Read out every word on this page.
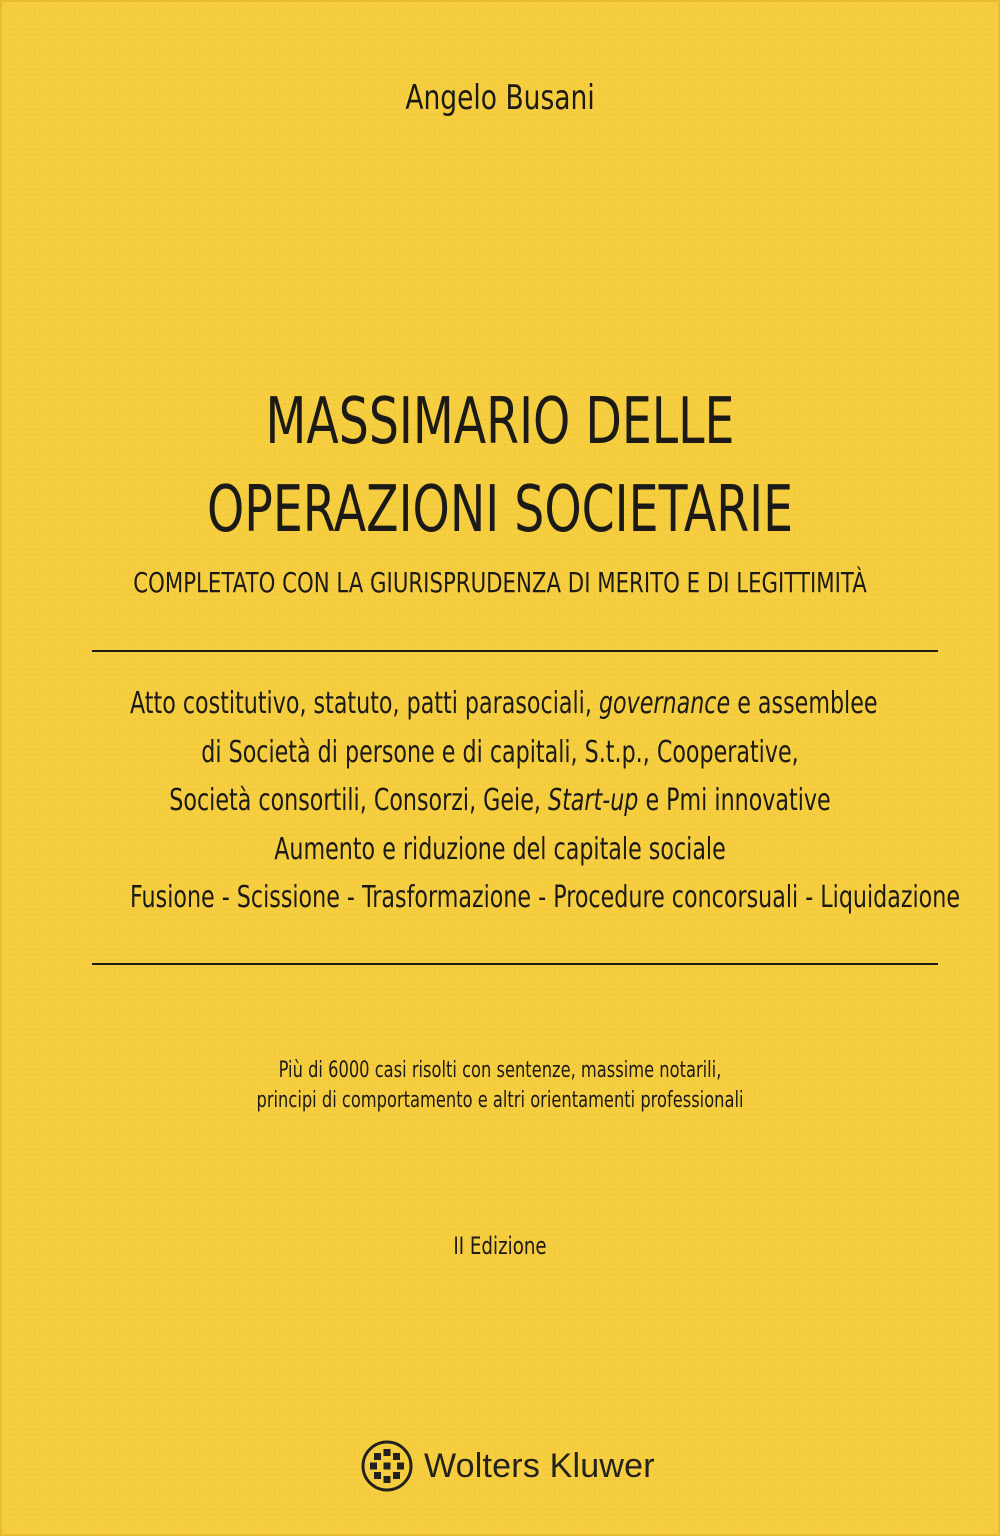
Angelo Busani
MASSIMARIO DELLE
OPERAZIONI SOCIETARIE
COMPLETATO CON LA GIURISPRUDENZA DI MERITO E DI LEGITTIMITÀ
Atto costitutivo, statuto, patti parasociali, governance e assemblee
di Società di persone e di capitali, S.t.p., Cooperative,
Società consortili, Consorzi, Geie, Start-up e Pmi innovative
Aumento e riduzione del capitale sociale
Fusione - Scissione - Trasformazione - Procedure concorsuali - Liquidazione
Più di 6000 casi risolti con sentenze, massime notarili,
principi di comportamento e altri orientamenti professionali
II Edizione
Wolters Kluwer
